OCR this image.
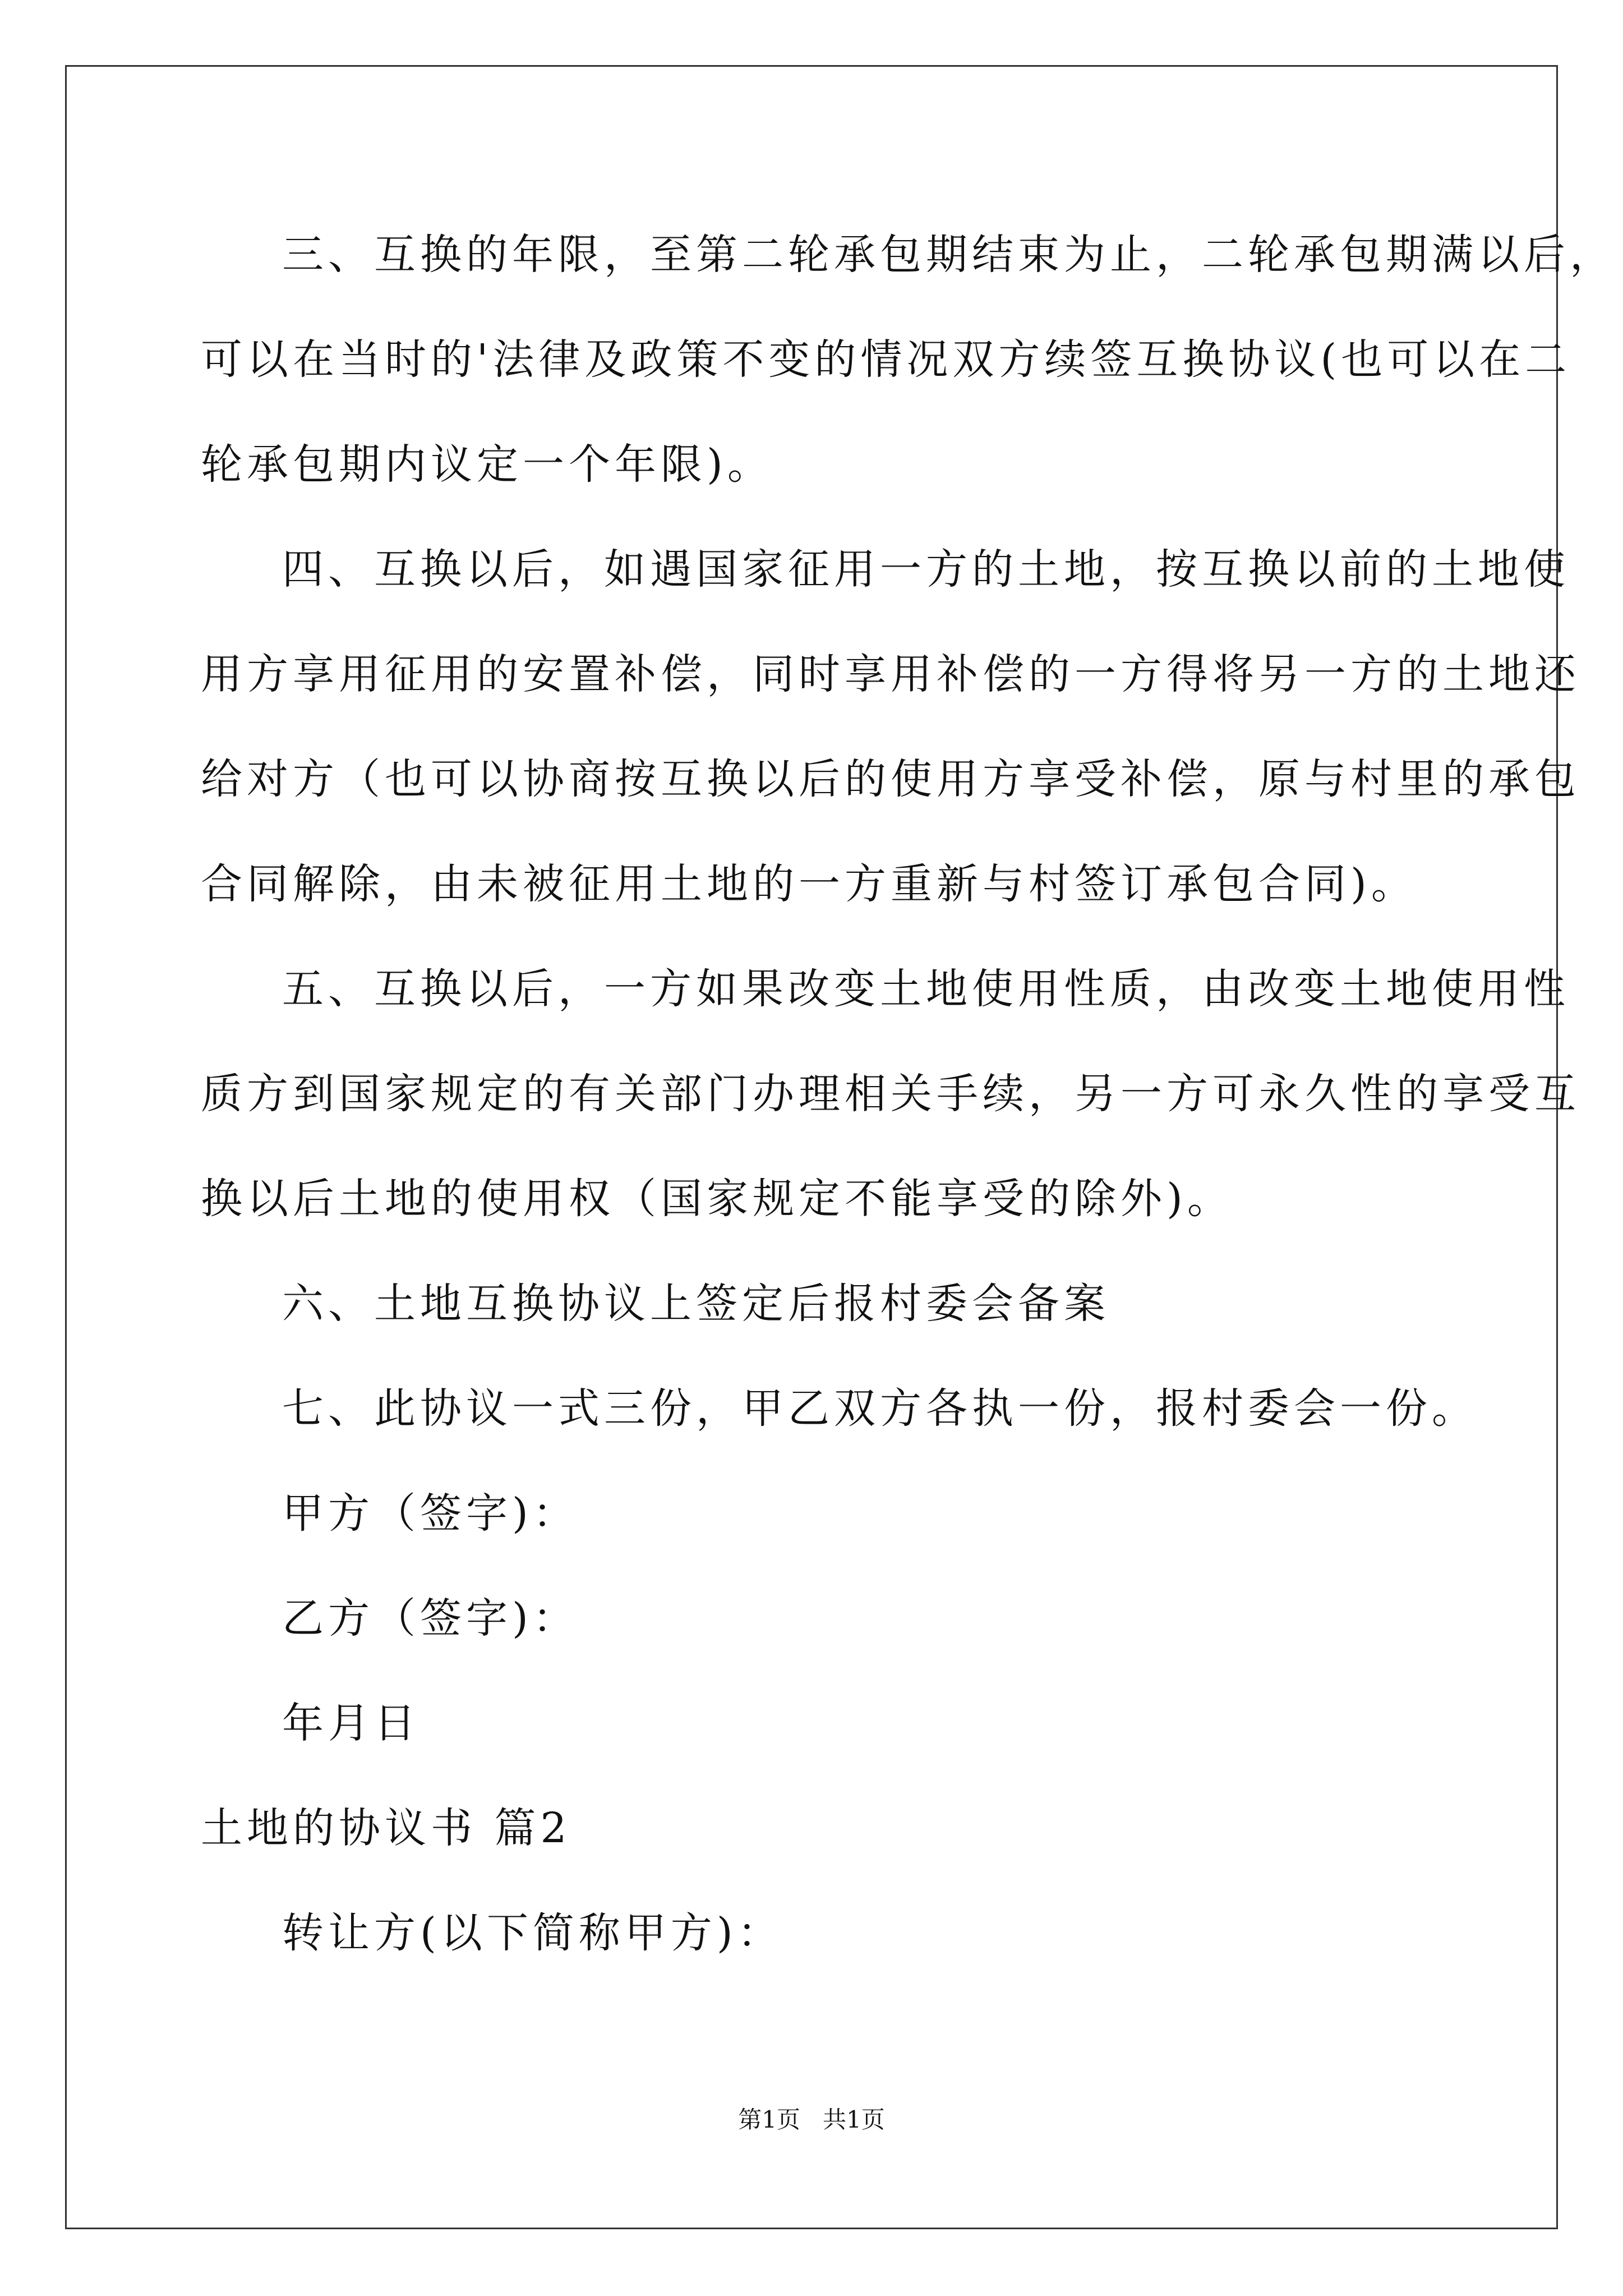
三、互换的年限，至第二轮承包期结束为止，二轮承包期满以后，
可以在当时的'法律及政策不变的情况双方续签互换协议(也可以在二
轮承包期内议定一个年限)。
四、互换以后，如遇国家征用一方的土地，按互换以前的土地使
用方享用征用的安置补偿，同时享用补偿的一方得将另一方的土地还
给对方（也可以协商按互换以后的使用方享受补偿，原与村里的承包
合同解除，由未被征用土地的一方重新与村签订承包合同)。
五、互换以后，一方如果改变土地使用性质，由改变土地使用性
质方到国家规定的有关部门办理相关手续，另一方可永久性的享受互
换以后土地的使用权（国家规定不能享受的除外)。
六、土地互换协议上签定后报村委会备案
七、此协议一式三份，甲乙双方各执一份，报村委会一份。
甲方（签字)：
乙方（签字)：
年月日
土地的协议书 篇2
转让方(以下简称甲方)：
第1页   共1页
